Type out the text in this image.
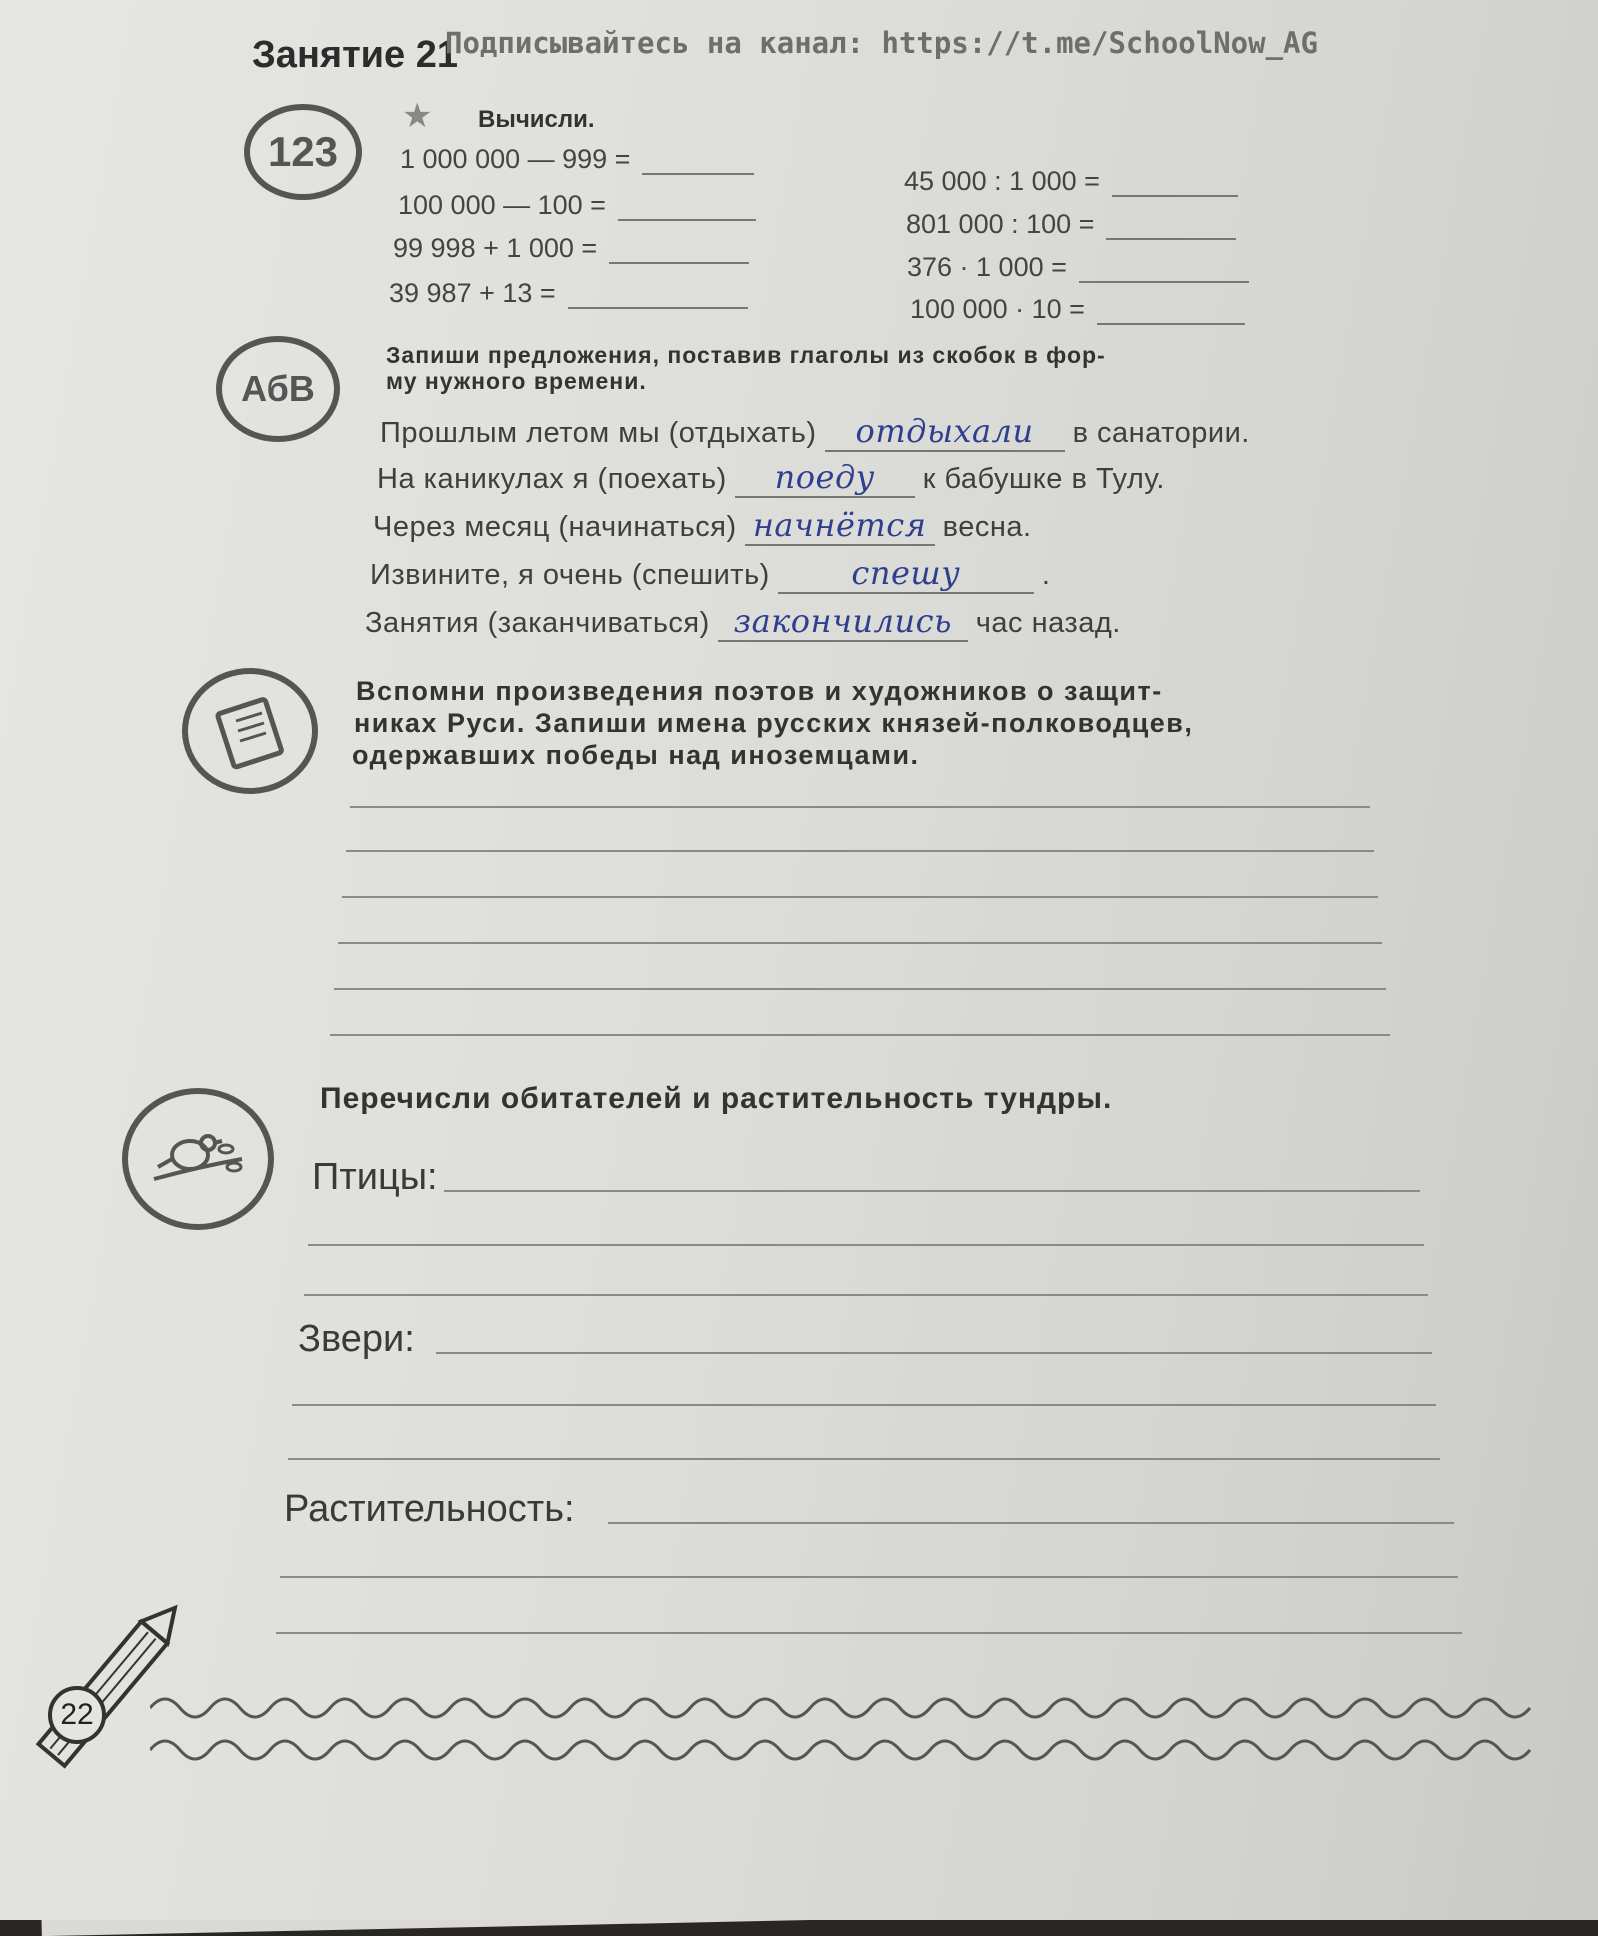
Занятие 21
Подписывайтесь на канал: https://t.me/SchoolNow_AG
123
★ Вычисли.
1 000 000 — 999 =
100 000 — 100 =
99 998 + 1 000 =
39 987 + 13 =
45 000 : 1 000 =
801 000 : 100 =
376 · 1 000 =
100 000 · 10 =
АбВ
Запиши предложения, поставив глаголы из скобок в фор-
му нужного времени.
Прошлым летом мы (отдыхать) отдыхали в санатории.
На каникулах я (поехать) поеду к бабушке в Тулу.
Через месяц (начинаться) начнётся весна.
Извините, я очень (спешить)	спешу	.
Занятия (заканчиваться) закончились час назад.
Вспомни произведения поэтов и художников о защит-
никах Руси. Запиши имена русских князей-полководцев,
одержавших победы над иноземцами.
Перечисли обитателей и растительность тундры.
Птицы:
Звери:
Растительность:
22
